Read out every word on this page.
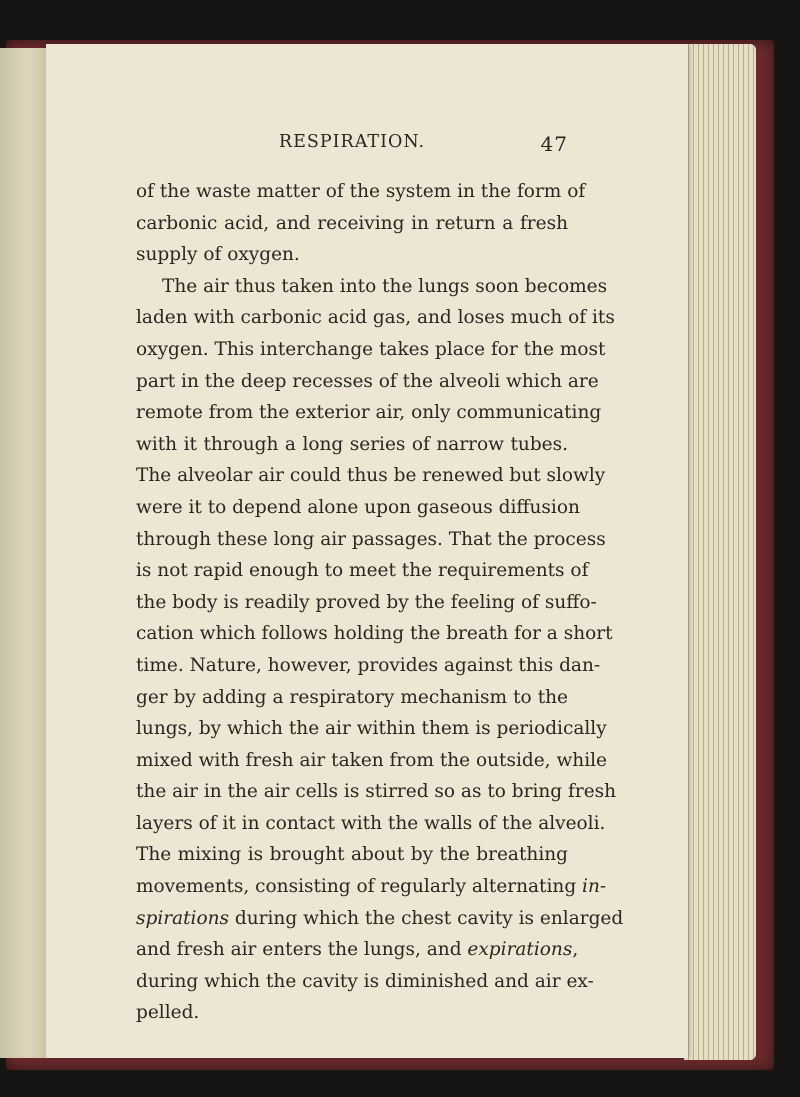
RESPIRATION.	47
of the waste matter of the system in the form of
carbonic acid, and receiving in return a fresh
supply of oxygen.
The air thus taken into the lungs soon becomes
laden with carbonic acid gas, and loses much of its
oxygen. This interchange takes place for the most
part in the deep recesses of the alveoli which are
remote from the exterior air, only communicating
with it through a long series of narrow tubes.
The alveolar air could thus be renewed but slowly
were it to depend alone upon gaseous diffusion
through these long air passages. That the process
is not rapid enough to meet the requirements of
the body is readily proved by the feeling of suffo-
cation which follows holding the breath for a short
time. Nature, however, provides against this dan-
ger by adding a respiratory mechanism to the
lungs, by which the air within them is periodically
mixed with fresh air taken from the outside, while
the air in the air cells is stirred so as to bring fresh
layers of it in contact with the walls of the alveoli.
The mixing is brought about by the breathing
movements, consisting of regularly alternating in-
spirations during which the chest cavity is enlarged
and fresh air enters the lungs, and expirations,
during which the cavity is diminished and air ex-
pelled.
